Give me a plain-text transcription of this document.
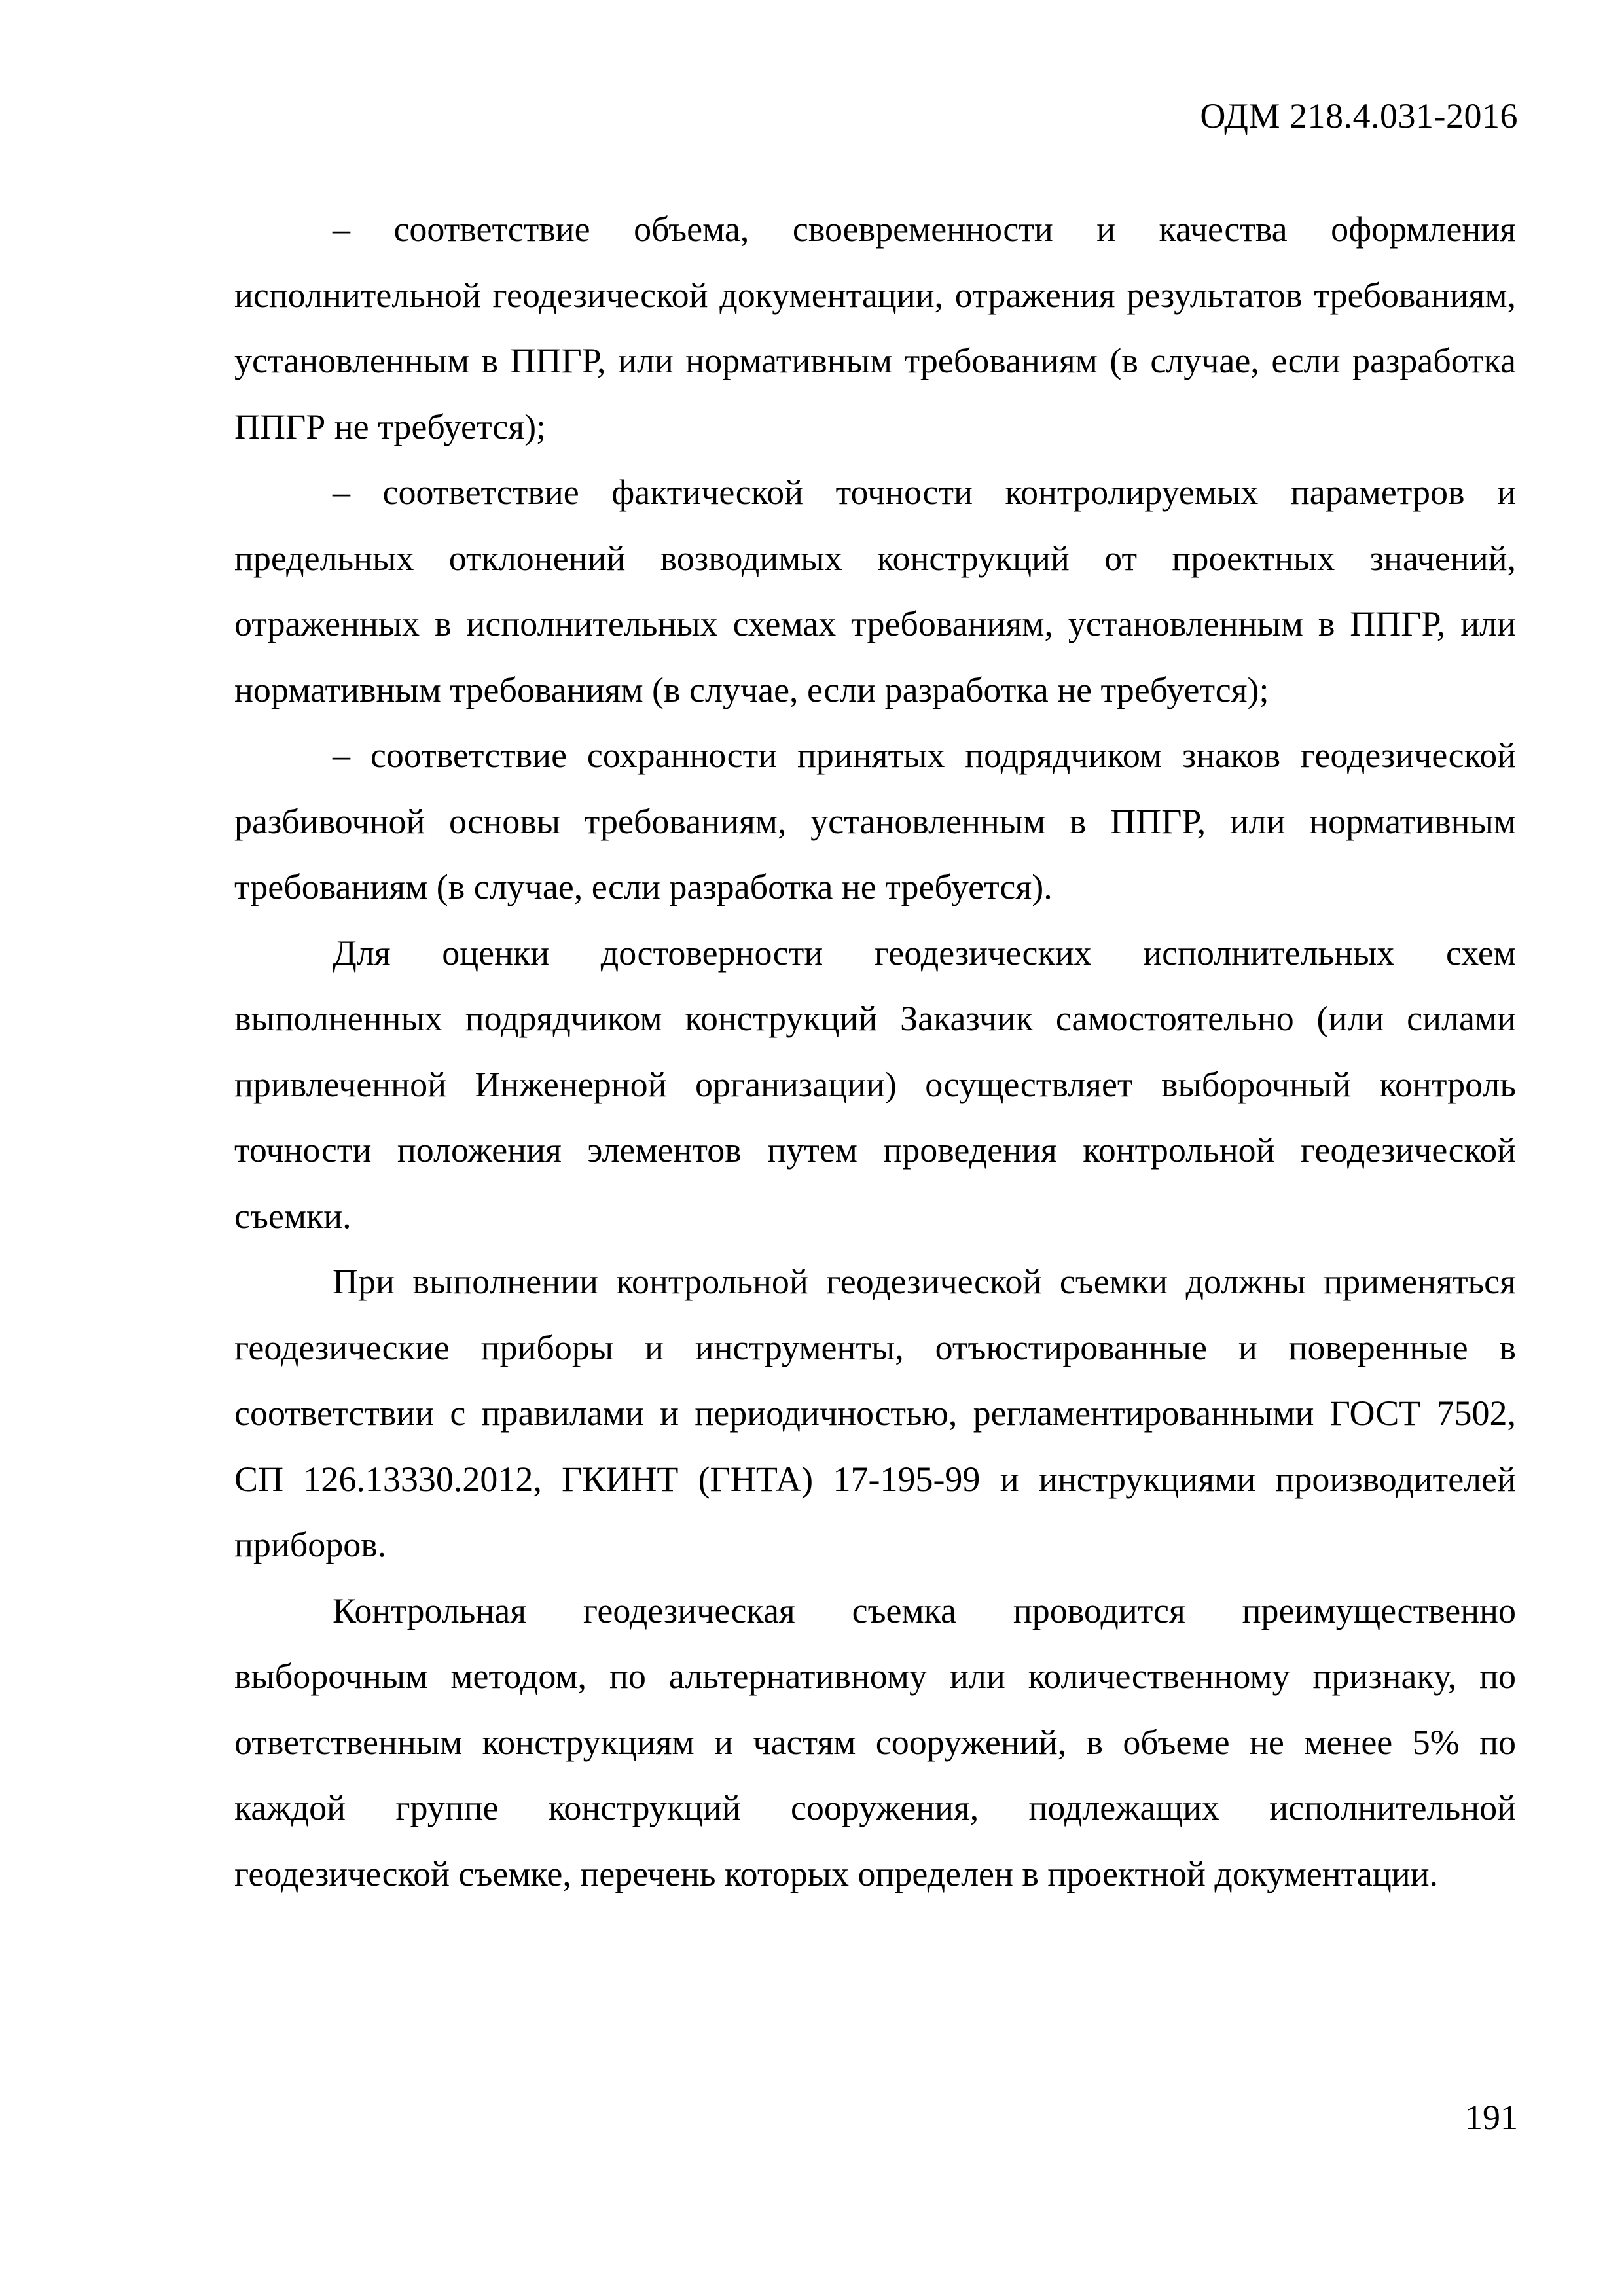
ОДМ 218.4.031-2016

– соответствие объема, своевременности и качества оформления исполнительной геодезической документации, отражения результатов требованиям, установленным в ППГР, или нормативным требованиям (в случае, если разработка ППГР не требуется);

– соответствие фактической точности контролируемых параметров и предельных отклонений возводимых конструкций от проектных значений, отраженных в исполнительных схемах требованиям, установленным в ППГР, или нормативным требованиям (в случае, если разработка не требуется);

– соответствие сохранности принятых подрядчиком знаков геодезической разбивочной основы требованиям, установленным в ППГР, или нормативным требованиям (в случае, если разработка не требуется).

Для оценки достоверности геодезических исполнительных схем выполненных подрядчиком конструкций Заказчик самостоятельно (или силами привлеченной Инженерной организации) осуществляет выборочный контроль точности положения элементов путем проведения контрольной геодезической съемки.

При выполнении контрольной геодезической съемки должны применяться геодезические приборы и инструменты, отъюстированные и поверенные в соответствии с правилами и периодичностью, регламентированными ГОСТ 7502, СП 126.13330.2012, ГКИНТ (ГНТА) 17-195-99 и инструкциями производителей приборов.

Контрольная геодезическая съемка проводится преимущественно выборочным методом, по альтернативному или количественному признаку, по ответственным конструкциям и частям сооружений, в объеме не менее 5% по каждой группе конструкций сооружения, подлежащих исполнительной геодезической съемке, перечень которых определен в проектной документации.

191
